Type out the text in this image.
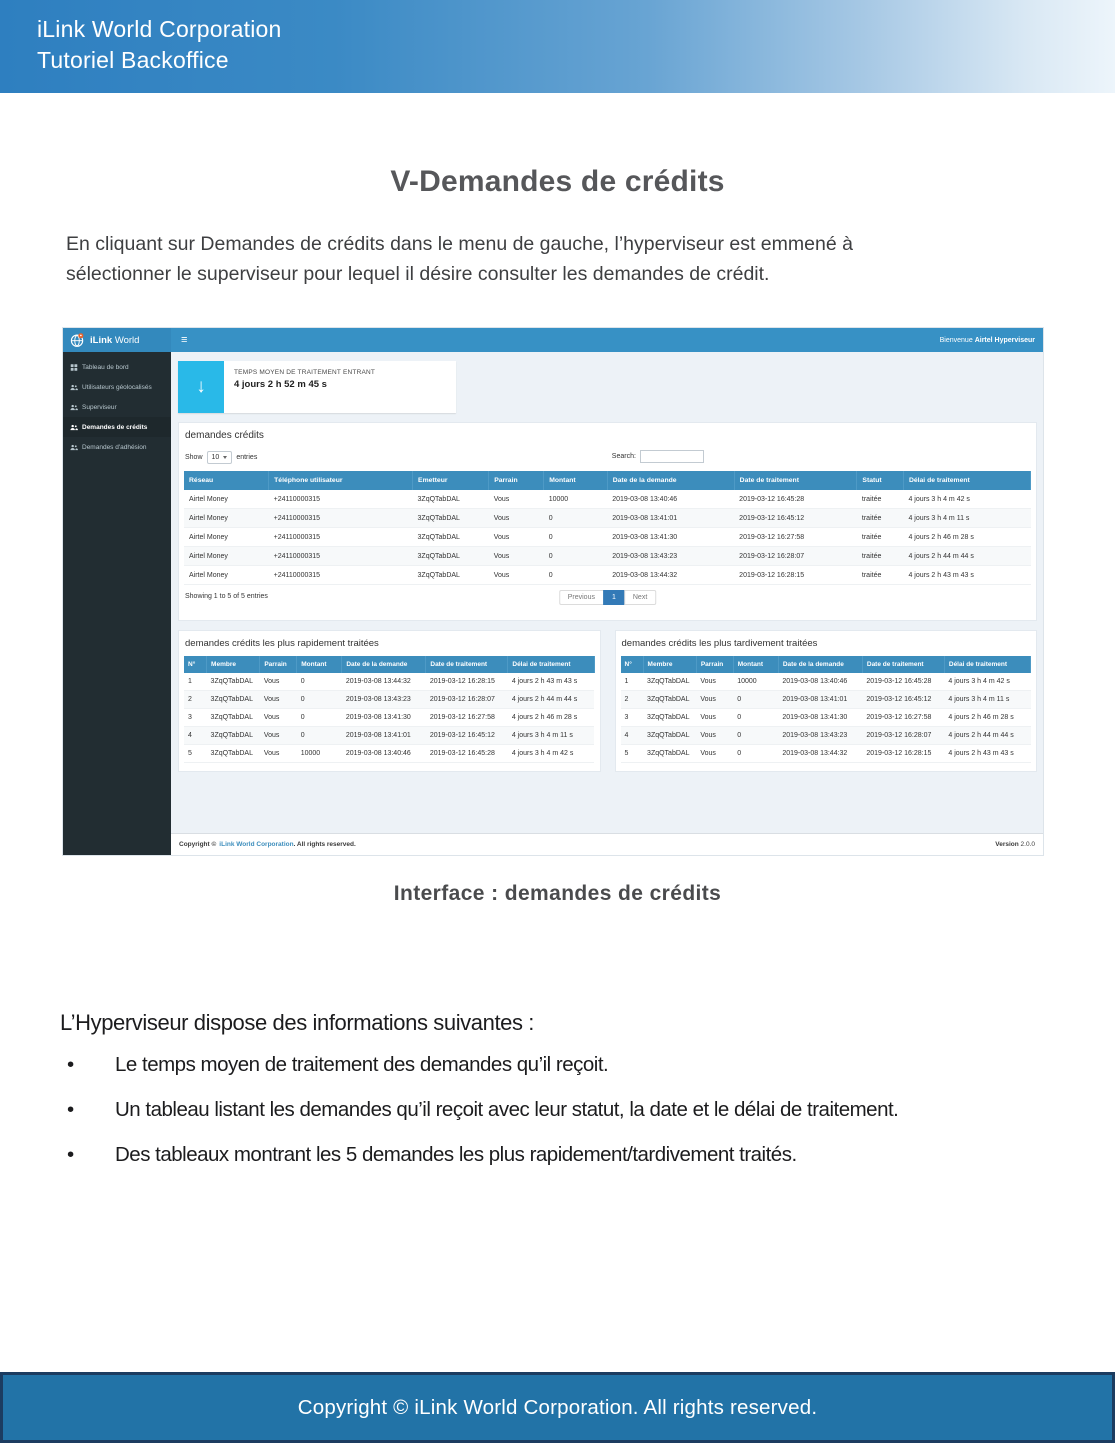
iLink World Corporation
Tutoriel Backoffice
V-Demandes de crédits

En cliquant sur Demandes de crédits dans le menu de gauche, l’hyperviseur est emmené à sélectionner le superviseur pour lequel il désire consulter les demandes de crédit.

iLink World	≡	Bienvenue Airtel Hyperviseur
Tableau de bord
Utilisateurs géolocalisés
Superviseur
Demandes de crédits
Demandes d'adhésion
↓
TEMPS MOYEN DE TRAITEMENT ENTRANT
4 jours 2 h 52 m 45 s
demandes crédits
Show 10 entries	Search:
Réseau	Téléphone utilisateur	Emetteur	Parrain	Montant	Date de la demande	Date de traitement	Statut	Délai de traitement
Airtel Money	+24110000315	3ZqQTabDAL	Vous	10000	2019-03-08 13:40:46	2019-03-12 16:45:28	traitée	4 jours 3 h 4 m 42 s
Airtel Money	+24110000315	3ZqQTabDAL	Vous	0	2019-03-08 13:41:01	2019-03-12 16:45:12	traitée	4 jours 3 h 4 m 11 s
Airtel Money	+24110000315	3ZqQTabDAL	Vous	0	2019-03-08 13:41:30	2019-03-12 16:27:58	traitée	4 jours 2 h 46 m 28 s
Airtel Money	+24110000315	3ZqQTabDAL	Vous	0	2019-03-08 13:43:23	2019-03-12 16:28:07	traitée	4 jours 2 h 44 m 44 s
Airtel Money	+24110000315	3ZqQTabDAL	Vous	0	2019-03-08 13:44:32	2019-03-12 16:28:15	traitée	4 jours 2 h 43 m 43 s
Showing 1 to 5 of 5 entries	Previous	1	Next
demandes crédits les plus rapidement traitées
N°	Membre	Parrain	Montant	Date de la demande	Date de traitement	Délai de traitement
1	3ZqQTabDAL	Vous	0	2019-03-08 13:44:32	2019-03-12 16:28:15	4 jours 2 h 43 m 43 s
2	3ZqQTabDAL	Vous	0	2019-03-08 13:43:23	2019-03-12 16:28:07	4 jours 2 h 44 m 44 s
3	3ZqQTabDAL	Vous	0	2019-03-08 13:41:30	2019-03-12 16:27:58	4 jours 2 h 46 m 28 s
4	3ZqQTabDAL	Vous	0	2019-03-08 13:41:01	2019-03-12 16:45:12	4 jours 3 h 4 m 11 s
5	3ZqQTabDAL	Vous	10000	2019-03-08 13:40:46	2019-03-12 16:45:28	4 jours 3 h 4 m 42 s
demandes crédits les plus tardivement traitées
N°	Membre	Parrain	Montant	Date de la demande	Date de traitement	Délai de traitement
1	3ZqQTabDAL	Vous	10000	2019-03-08 13:40:46	2019-03-12 16:45:28	4 jours 3 h 4 m 42 s
2	3ZqQTabDAL	Vous	0	2019-03-08 13:41:01	2019-03-12 16:45:12	4 jours 3 h 4 m 11 s
3	3ZqQTabDAL	Vous	0	2019-03-08 13:41:30	2019-03-12 16:27:58	4 jours 2 h 46 m 28 s
4	3ZqQTabDAL	Vous	0	2019-03-08 13:43:23	2019-03-12 16:28:07	4 jours 2 h 44 m 44 s
5	3ZqQTabDAL	Vous	0	2019-03-08 13:44:32	2019-03-12 16:28:15	4 jours 2 h 43 m 43 s
Copyright © iLink World Corporation. All rights reserved.	Version 2.0.0
Interface : demandes de crédits

L’Hyperviseur dispose des informations suivantes :

• Le temps moyen de traitement des demandes qu’il reçoit.
• Un tableau listant les demandes qu’il reçoit avec leur statut, la date et le délai de traitement.
• Des tableaux montrant les 5 demandes les plus rapidement/tardivement traités.
Copyright © iLink World Corporation. All rights reserved.
